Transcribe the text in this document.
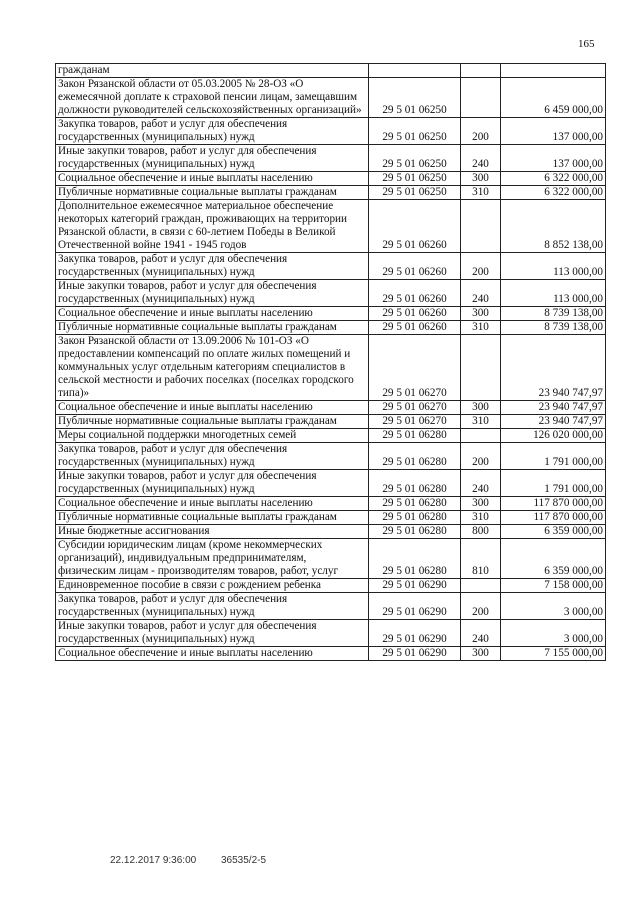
165
гражданам			
Закон Рязанской области от 05.03.2005 № 28-ОЗ «О ежемесячной доплате к страховой пенсии лицам, замещавшим должности руководителей сельскохозяйственных организаций»	29 5 01 06250		6 459 000,00
Закупка товаров, работ и услуг для обеспечения государственных (муниципальных) нужд	29 5 01 06250	200	137 000,00
Иные закупки товаров, работ и услуг для обеспечения государственных (муниципальных) нужд	29 5 01 06250	240	137 000,00
Социальное обеспечение и иные выплаты населению	29 5 01 06250	300	6 322 000,00
Публичные нормативные социальные выплаты гражданам	29 5 01 06250	310	6 322 000,00
Дополнительное ежемесячное материальное обеспечение некоторых категорий граждан, проживающих на территории Рязанской области, в связи с 60-летием Победы в Великой Отечественной войне 1941 - 1945 годов	29 5 01 06260		8 852 138,00
Закупка товаров, работ и услуг для обеспечения государственных (муниципальных) нужд	29 5 01 06260	200	113 000,00
Иные закупки товаров, работ и услуг для обеспечения государственных (муниципальных) нужд	29 5 01 06260	240	113 000,00
Социальное обеспечение и иные выплаты населению	29 5 01 06260	300	8 739 138,00
Публичные нормативные социальные выплаты гражданам	29 5 01 06260	310	8 739 138,00
Закон Рязанской области от 13.09.2006 № 101-ОЗ «О предоставлении компенсаций по оплате жилых помещений и коммунальных услуг отдельным категориям специалистов в сельской местности и рабочих поселках (поселках городского типа)»	29 5 01 06270		23 940 747,97
Социальное обеспечение и иные выплаты населению	29 5 01 06270	300	23 940 747,97
Публичные нормативные социальные выплаты гражданам	29 5 01 06270	310	23 940 747,97
Меры социальной поддержки многодетных семей	29 5 01 06280		126 020 000,00
Закупка товаров, работ и услуг для обеспечения государственных (муниципальных) нужд	29 5 01 06280	200	1 791 000,00
Иные закупки товаров, работ и услуг для обеспечения государственных (муниципальных) нужд	29 5 01 06280	240	1 791 000,00
Социальное обеспечение и иные выплаты населению	29 5 01 06280	300	117 870 000,00
Публичные нормативные социальные выплаты гражданам	29 5 01 06280	310	117 870 000,00
Иные бюджетные ассигнования	29 5 01 06280	800	6 359 000,00
Субсидии юридическим лицам (кроме некоммерческих организаций), индивидуальным предпринимателям, физическим лицам - производителям товаров, работ, услуг	29 5 01 06280	810	6 359 000,00
Единовременное пособие в связи с рождением ребенка	29 5 01 06290		7 158 000,00
Закупка товаров, работ и услуг для обеспечения государственных (муниципальных) нужд	29 5 01 06290	200	3 000,00
Иные закупки товаров, работ и услуг для обеспечения государственных (муниципальных) нужд	29 5 01 06290	240	3 000,00
Социальное обеспечение и иные выплаты населению	29 5 01 06290	300	7 155 000,00
22.12.2017 9:36:00 36535/2-5
